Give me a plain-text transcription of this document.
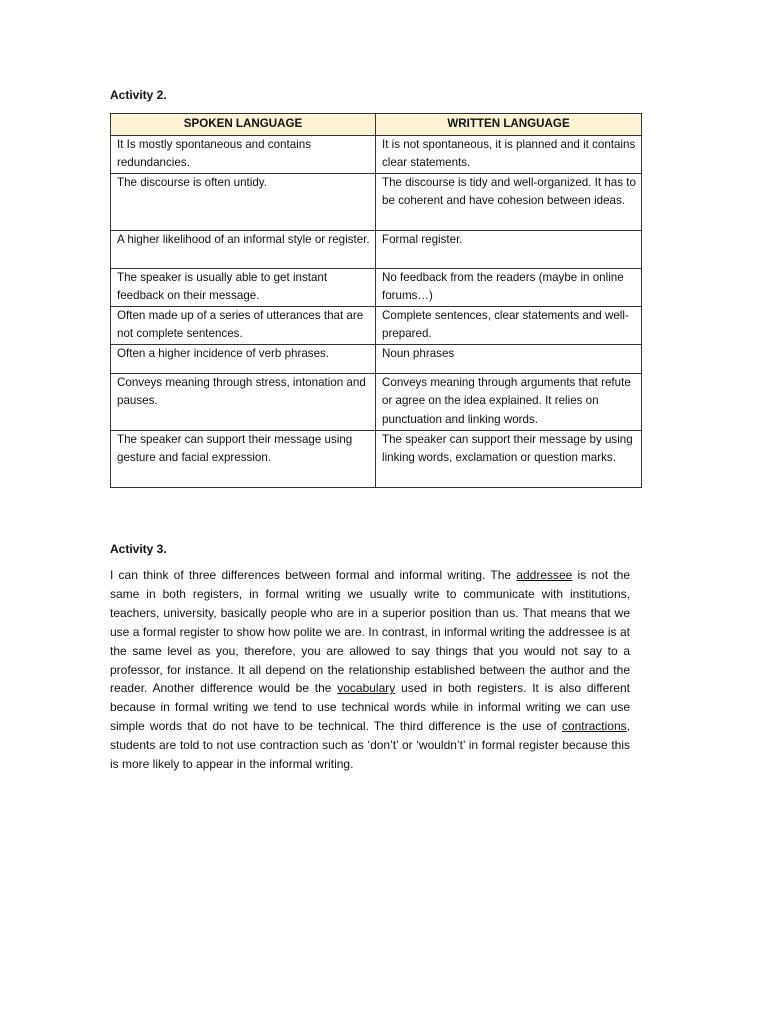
Activity 2.
SPOKEN LANGUAGE	WRITTEN LANGUAGE
It Is mostly spontaneous and contains redundancies.	It is not spontaneous, it is planned and it contains clear statements.
The discourse is often untidy.	The discourse is tidy and well-organized. It has to be coherent and have cohesion between ideas.
A higher likelihood of an informal style or register.	Formal register.
The speaker is usually able to get instant feedback on their message.	No feedback from the readers (maybe in online forums…)
Often made up of a series of utterances that are not complete sentences.	Complete sentences, clear statements and well-prepared.
Often a higher incidence of verb phrases.	Noun phrases
Conveys meaning through stress, intonation and pauses.	Conveys meaning through arguments that refute or agree on the idea explained. It relies on punctuation and linking words.
The speaker can support their message using gesture and facial expression.	The speaker can support their message by using linking words, exclamation or question marks.
Activity 3.

I can think of three differences between formal and informal writing. The addressee is not the same in both registers, in formal writing we usually write to communicate with institutions, teachers, university, basically people who are in a superior position than us. That means that we use a formal register to show how polite we are. In contrast, in informal writing the addressee is at the same level as you, therefore, you are allowed to say things that you would not say to a professor, for instance. It all depend on the relationship established between the author and the reader. Another difference would be the vocabulary used in both registers. It is also different because in formal writing we tend to use technical words while in informal writing we can use simple words that do not have to be technical. The third difference is the use of contractions, students are told to not use contraction such as ‘don’t’ or ‘wouldn’t’ in formal register because this is more likely to appear in the informal writing.
